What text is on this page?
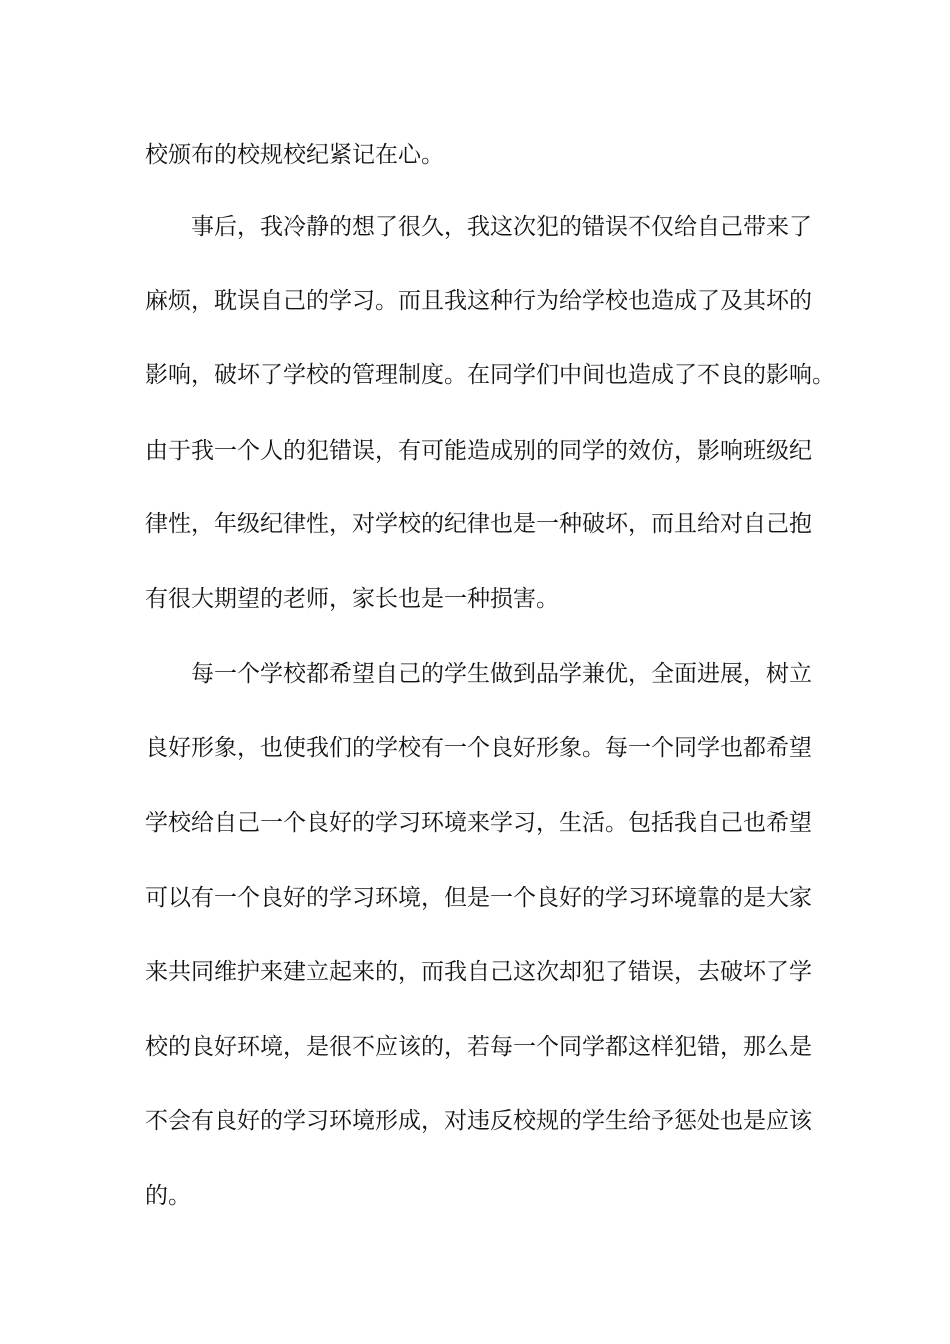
校颁布的校规校纪紧记在心。
事后，我冷静的想了很久，我这次犯的错误不仅给自己带来了
麻烦，耽误自己的学习。而且我这种行为给学校也造成了及其坏的
影响，破坏了学校的管理制度。在同学们中间也造成了不良的影响。
由于我一个人的犯错误，有可能造成别的同学的效仿，影响班级纪
律性，年级纪律性，对学校的纪律也是一种破坏，而且给对自己抱
有很大期望的老师，家长也是一种损害。
每一个学校都希望自己的学生做到品学兼优，全面进展，树立
良好形象，也使我们的学校有一个良好形象。每一个同学也都希望
学校给自己一个良好的学习环境来学习，生活。包括我自己也希望
可以有一个良好的学习环境，但是一个良好的学习环境靠的是大家
来共同维护来建立起来的，而我自己这次却犯了错误，去破坏了学
校的良好环境，是很不应该的，若每一个同学都这样犯错，那么是
不会有良好的学习环境形成，对违反校规的学生给予惩处也是应该
的。
